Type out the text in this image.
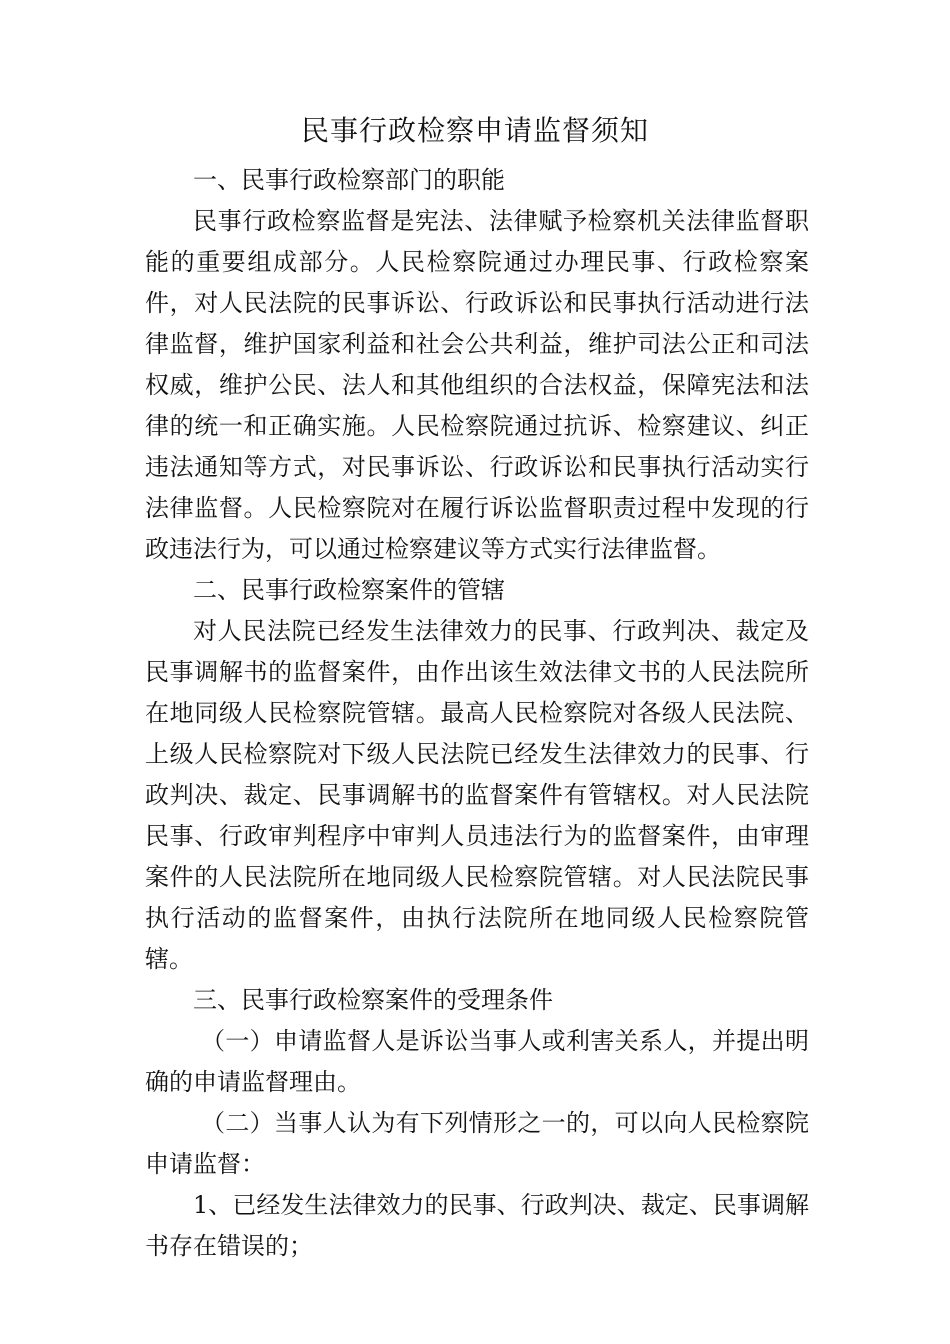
民事行政检察申请监督须知

一、民事行政检察部门的职能

民事行政检察监督是宪法、法律赋予检察机关法律监督职能的重要组成部分。人民检察院通过办理民事、行政检察案件，对人民法院的民事诉讼、行政诉讼和民事执行活动进行法律监督，维护国家利益和社会公共利益，维护司法公正和司法权威，维护公民、法人和其他组织的合法权益，保障宪法和法律的统一和正确实施。人民检察院通过抗诉、检察建议、纠正违法通知等方式，对民事诉讼、行政诉讼和民事执行活动实行法律监督。人民检察院对在履行诉讼监督职责过程中发现的行政违法行为，可以通过检察建议等方式实行法律监督。

二、民事行政检察案件的管辖

对人民法院已经发生法律效力的民事、行政判决、裁定及民事调解书的监督案件，由作出该生效法律文书的人民法院所在地同级人民检察院管辖。最高人民检察院对各级人民法院、上级人民检察院对下级人民法院已经发生法律效力的民事、行政判决、裁定、民事调解书的监督案件有管辖权。对人民法院民事、行政审判程序中审判人员违法行为的监督案件，由审理案件的人民法院所在地同级人民检察院管辖。对人民法院民事执行活动的监督案件，由执行法院所在地同级人民检察院管辖。

三、民事行政检察案件的受理条件

（一）申请监督人是诉讼当事人或利害关系人，并提出明确的申请监督理由。

（二）当事人认为有下列情形之一的，可以向人民检察院申请监督：

1、已经发生法律效力的民事、行政判决、裁定、民事调解书存在错误的；
